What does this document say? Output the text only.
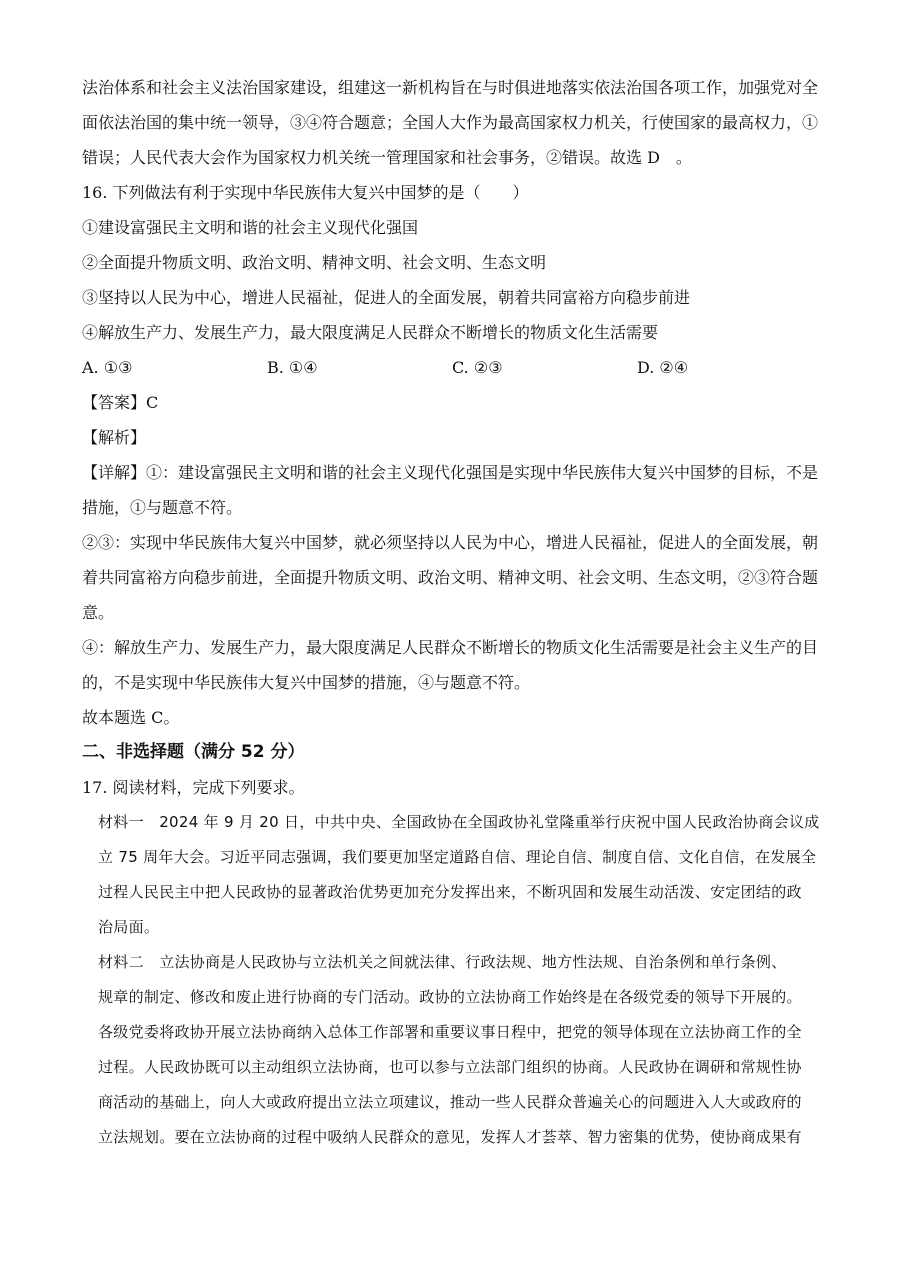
法治体系和社会主义法治国家建设，组建这一新机构旨在与时俱进地落实依法治国各项工作，加强党对全

面依法治国的集中统一领导，③④符合题意；全国人大作为最高国家权力机关，行使国家的最高权力，①

错误；人民代表大会作为国家权力机关统一管理国家和社会事务，②错误。故选 D　。

16. 下列做法有利于实现中华民族伟大复兴中国梦的是（　　）

①建设富强民主文明和谐的社会主义现代化强国

②全面提升物质文明、政治文明、精神文明、社会文明、生态文明

③坚持以人民为中心，增进人民福祉，促进人的全面发展，朝着共同富裕方向稳步前进

④解放生产力、发展生产力，最大限度满足人民群众不断增长的物质文化生活需要

A. ①③	B. ①④	C. ②③	D. ②④

【答案】C

【解析】

【详解】①：建设富强民主文明和谐的社会主义现代化强国是实现中华民族伟大复兴中国梦的目标，不是

措施，①与题意不符。

②③：实现中华民族伟大复兴中国梦，就必须坚持以人民为中心，增进人民福祉，促进人的全面发展，朝

着共同富裕方向稳步前进，全面提升物质文明、政治文明、精神文明、社会文明、生态文明，②③符合题

意。

④：解放生产力、发展生产力，最大限度满足人民群众不断增长的物质文化生活需要是社会主义生产的目

的，不是实现中华民族伟大复兴中国梦的措施，④与题意不符。

故本题选 C。

二、非选择题（满分 52 分）

17. 阅读材料，完成下列要求。

材料一　2024 年 9 月 20 日，中共中央、全国政协在全国政协礼堂隆重举行庆祝中国人民政治协商会议成

立 75 周年大会。习近平同志强调，我们要更加坚定道路自信、理论自信、制度自信、文化自信，在发展全

过程人民民主中把人民政协的显著政治优势更加充分发挥出来，不断巩固和发展生动活泼、安定团结的政

治局面。

材料二　立法协商是人民政协与立法机关之间就法律、行政法规、地方性法规、自治条例和单行条例、

规章的制定、修改和废止进行协商的专门活动。政协的立法协商工作始终是在各级党委的领导下开展的。

各级党委将政协开展立法协商纳入总体工作部署和重要议事日程中，把党的领导体现在立法协商工作的全

过程。人民政协既可以主动组织立法协商，也可以参与立法部门组织的协商。人民政协在调研和常规性协

商活动的基础上，向人大或政府提出立法立项建议，推动一些人民群众普遍关心的问题进入人大或政府的

立法规划。要在立法协商的过程中吸纳人民群众的意见，发挥人才荟萃、智力密集的优势，使协商成果有
